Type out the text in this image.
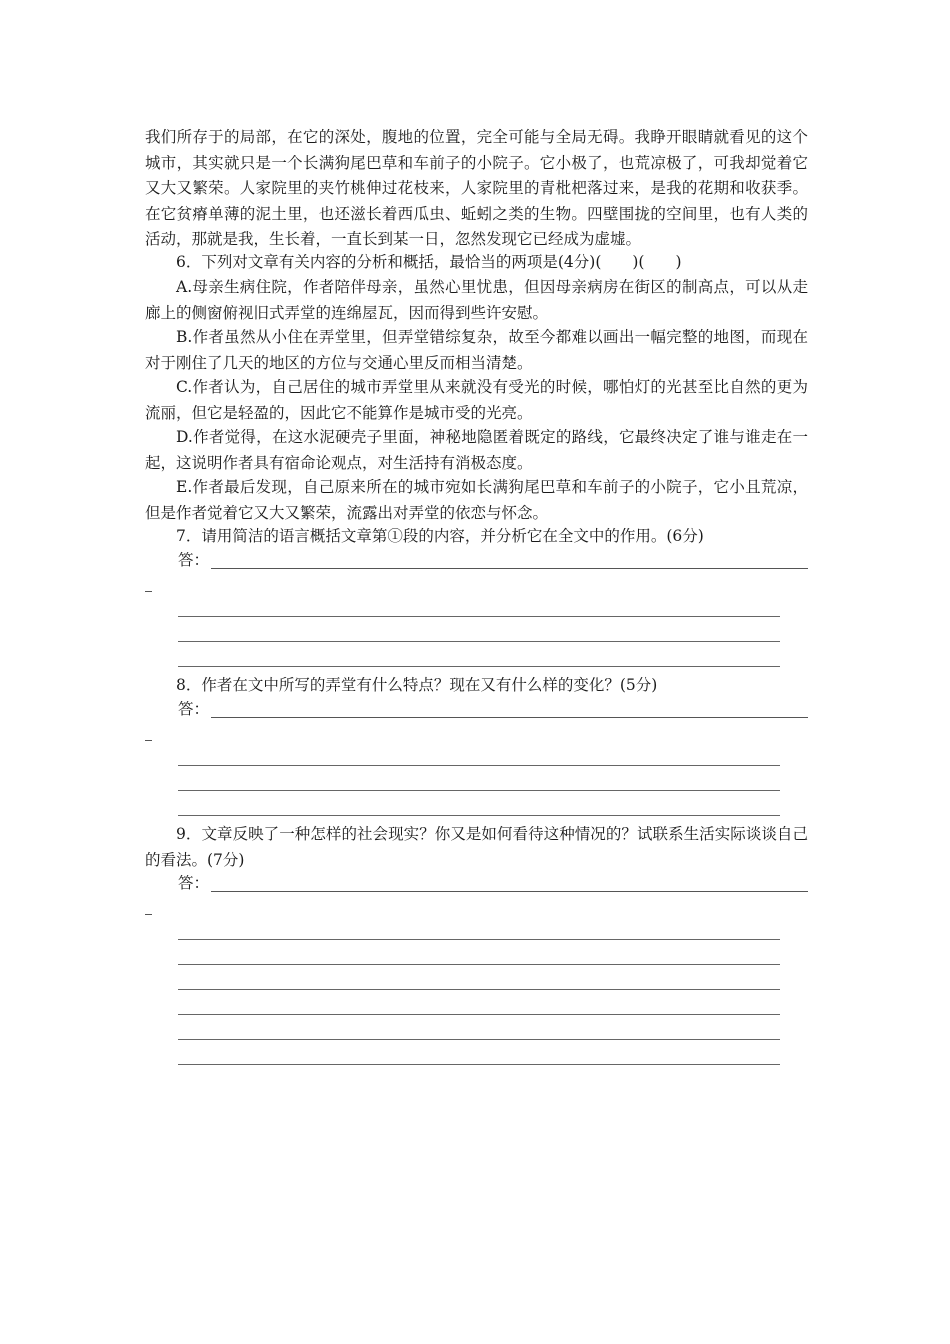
我们所存于的局部，在它的深处，腹地的位置，完全可能与全局无碍。我睁开眼睛就看见的这个城市，其实就只是一个长满狗尾巴草和车前子的小院子。它小极了，也荒凉极了，可我却觉着它又大又繁荣。人家院里的夹竹桃伸过花枝来，人家院里的青枇杷落过来，是我的花期和收获季。在它贫瘠单薄的泥土里，也还滋长着西瓜虫、蚯蚓之类的生物。四壁围拢的空间里，也有人类的活动，那就是我，生长着，一直长到某一日，忽然发现它已经成为虚墟。

6．下列对文章有关内容的分析和概括，最恰当的两项是(4分)(　　)(　　)

A.母亲生病住院，作者陪伴母亲，虽然心里忧患，但因母亲病房在街区的制高点，可以从走廊上的侧窗俯视旧式弄堂的连绵屋瓦，因而得到些许安慰。

B.作者虽然从小住在弄堂里，但弄堂错综复杂，故至今都难以画出一幅完整的地图，而现在对于刚住了几天的地区的方位与交通心里反而相当清楚。

C.作者认为，自己居住的城市弄堂里从来就没有受光的时候，哪怕灯的光甚至比自然的更为流丽，但它是轻盈的，因此它不能算作是城市受的光亮。

D.作者觉得，在这水泥硬壳子里面，神秘地隐匿着既定的路线，它最终决定了谁与谁走在一起，这说明作者具有宿命论观点，对生活持有消极态度。

E.作者最后发现，自己原来所在的城市宛如长满狗尾巴草和车前子的小院子，它小且荒凉，但是作者觉着它又大又繁荣，流露出对弄堂的依恋与怀念。

7．请用简洁的语言概括文章第①段的内容，并分析它在全文中的作用。(6分)

答：

8．作者在文中所写的弄堂有什么特点？现在又有什么样的变化？(5分)

答：

9．文章反映了一种怎样的社会现实？你又是如何看待这种情况的？试联系生活实际谈谈自己的看法。(7分)

答：
